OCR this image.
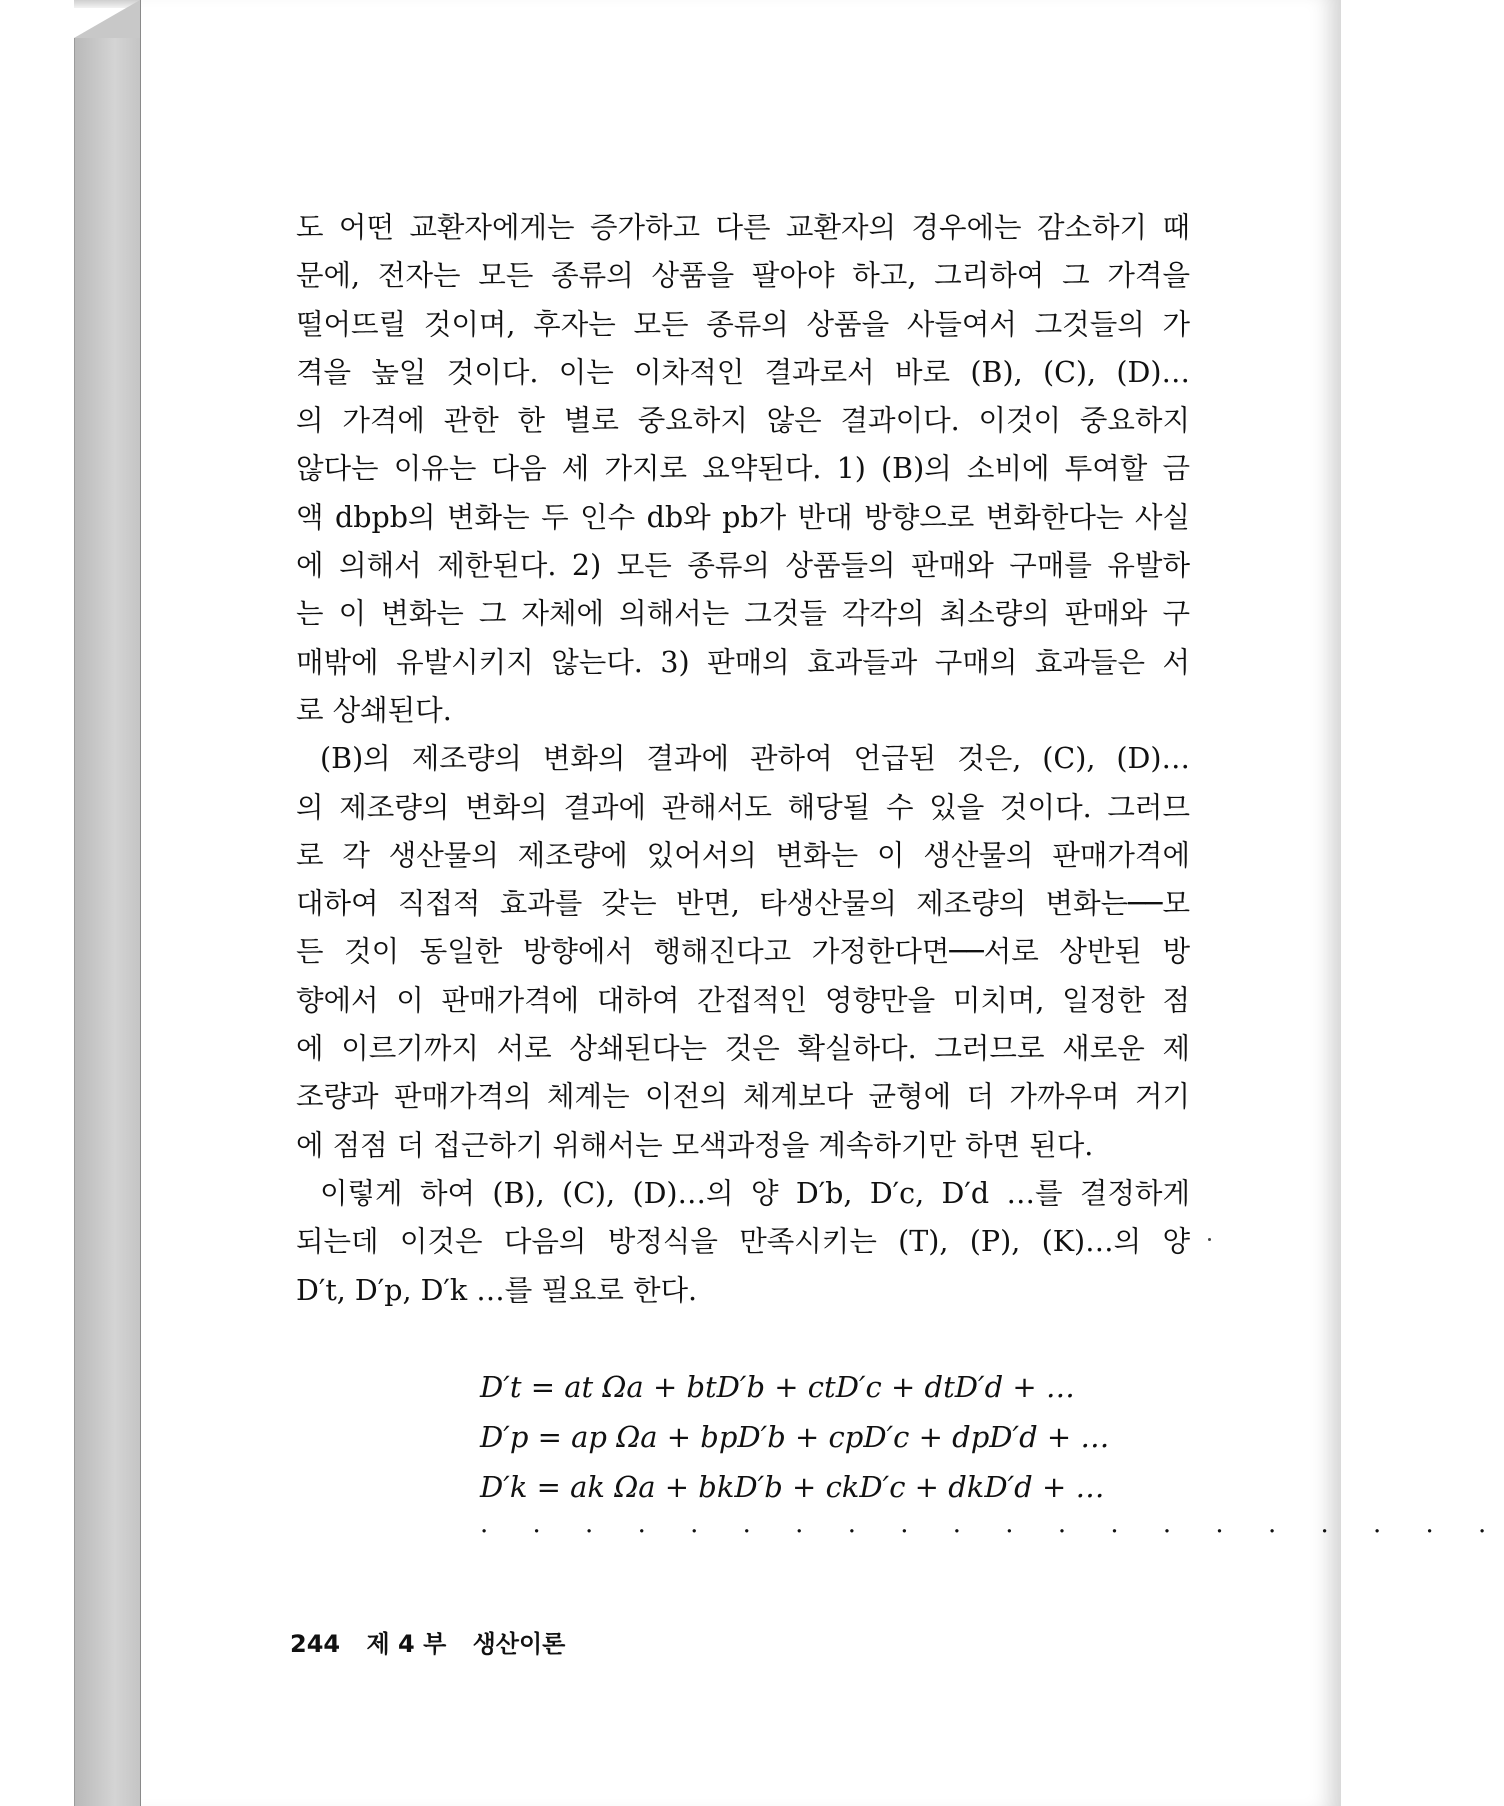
도 어떤 교환자에게는 증가하고 다른 교환자의 경우에는 감소하기 때
문에, 전자는 모든 종류의 상품을 팔아야 하고, 그리하여 그 가격을
떨어뜨릴 것이며, 후자는 모든 종류의 상품을 사들여서 그것들의 가
격을 높일 것이다. 이는 이차적인 결과로서 바로 (B), (C), (D)…
의 가격에 관한 한 별로 중요하지 않은 결과이다. 이것이 중요하지
않다는 이유는 다음 세 가지로 요약된다. 1) (B)의 소비에 투여할 금
액 dbpb의 변화는 두 인수 db와 pb가 반대 방향으로 변화한다는 사실
에 의해서 제한된다. 2) 모든 종류의 상품들의 판매와 구매를 유발하
는 이 변화는 그 자체에 의해서는 그것들 각각의 최소량의 판매와 구
매밖에 유발시키지 않는다. 3) 판매의 효과들과 구매의 효과들은 서
로 상쇄된다.
(B)의 제조량의 변화의 결과에 관하여 언급된 것은, (C), (D)…
의 제조량의 변화의 결과에 관해서도 해당될 수 있을 것이다. 그러므
로 각 생산물의 제조량에 있어서의 변화는 이 생산물의 판매가격에
대하여 직접적 효과를 갖는 반면, 타생산물의 제조량의 변화는──모
든 것이 동일한 방향에서 행해진다고 가정한다면──서로 상반된 방
향에서 이 판매가격에 대하여 간접적인 영향만을 미치며, 일정한 점
에 이르기까지 서로 상쇄된다는 것은 확실하다. 그러므로 새로운 제
조량과 판매가격의 체계는 이전의 체계보다 균형에 더 가까우며 거기
에 점점 더 접근하기 위해서는 모색과정을 계속하기만 하면 된다.
이렇게 하여 (B), (C), (D)…의 양 D′b, D′c, D′d …를 결정하게
되는데 이것은 다음의 방정식을 만족시키는 (T), (P), (K)…의 양
D′t, D′p, D′k …를 필요로 한다.
D′t = at Ωa + btD′b + ctD′c + dtD′d + …
D′p = ap Ωa + bpD′b + cpD′c + dpD′d + …
D′k = ak Ωa + bkD′b + ckD′c + dkD′d + …
· · · · · · · · · · · · · · · · · · · ·
244 제 4 부 생산이론
